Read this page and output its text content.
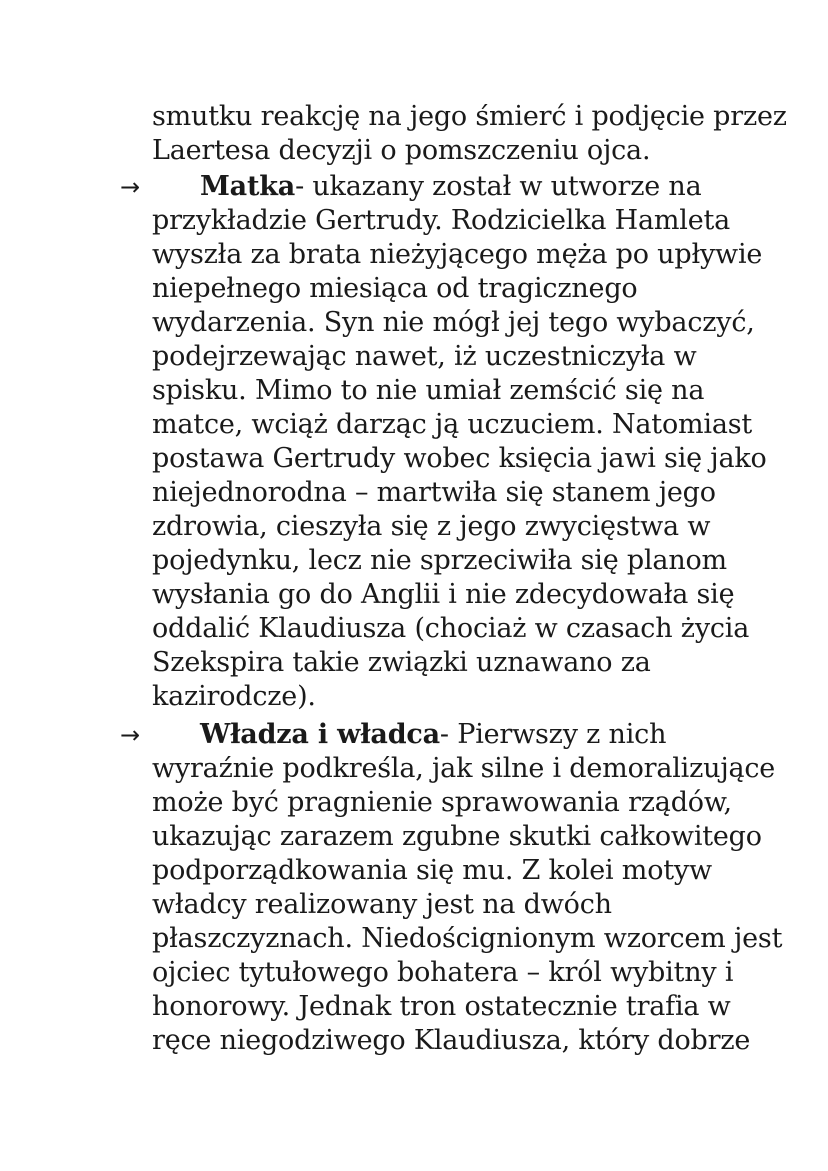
smutku reakcję na jego śmierć i podjęcie przez
Laertesa decyzji o pomszczeniu ojca.
→ Matka- ukazany został w utworze na
przykładzie Gertrudy. Rodzicielka Hamleta
wyszła za brata nieżyjącego męża po upływie
niepełnego miesiąca od tragicznego
wydarzenia. Syn nie mógł jej tego wybaczyć,
podejrzewając nawet, iż uczestniczyła w
spisku. Mimo to nie umiał zemścić się na
matce, wciąż darząc ją uczuciem. Natomiast
postawa Gertrudy wobec księcia jawi się jako
niejednorodna – martwiła się stanem jego
zdrowia, cieszyła się z jego zwycięstwa w
pojedynku, lecz nie sprzeciwiła się planom
wysłania go do Anglii i nie zdecydowała się
oddalić Klaudiusza (chociaż w czasach życia
Szekspira takie związki uznawano za
kazirodcze).
→ Władza i władca- Pierwszy z nich
wyraźnie podkreśla, jak silne i demoralizujące
może być pragnienie sprawowania rządów,
ukazując zarazem zgubne skutki całkowitego
podporządkowania się mu. Z kolei motyw
władcy realizowany jest na dwóch
płaszczyznach. Niedoścignionym wzorcem jest
ojciec tytułowego bohatera – król wybitny i
honorowy. Jednak tron ostatecznie trafia w
ręce niegodziwego Klaudiusza, który dobrze
